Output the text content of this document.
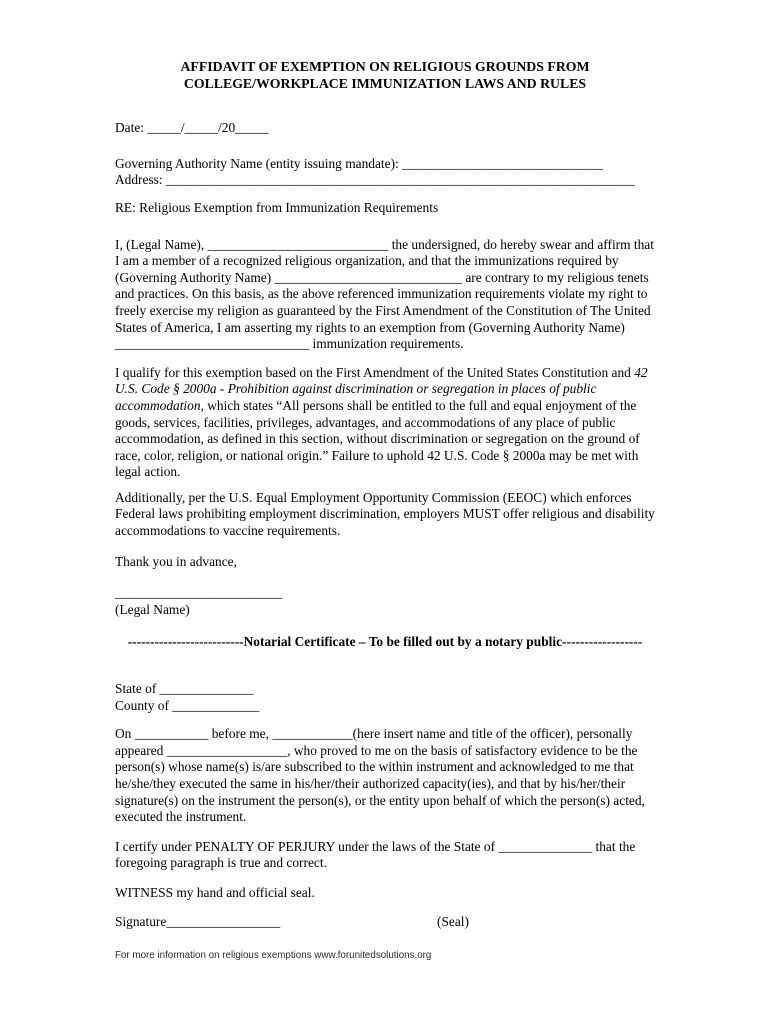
AFFIDAVIT OF EXEMPTION ON RELIGIOUS GROUNDS FROM
COLLEGE/WORKPLACE IMMUNIZATION LAWS AND RULES

Date: _____/_____/20_____

Governing Authority Name (entity issuing mandate): ______________________________

Address: ______________________________________________________________________

RE: Religious Exemption from Immunization Requirements

I, (Legal Name), ___________________________ the undersigned, do hereby swear and affirm that I am a member of a recognized religious organization, and that the immunizations required by (Governing Authority Name) ____________________________ are contrary to my religious tenets and practices. On this basis, as the above referenced immunization requirements violate my right to freely exercise my religion as guaranteed by the First Amendment of the Constitution of The United States of America, I am asserting my rights to an exemption from (Governing Authority Name) _____________________________ immunization requirements.

I qualify for this exemption based on the First Amendment of the United States Constitution and 42 U.S. Code § 2000a - Prohibition against discrimination or segregation in places of public accommodation, which states “All persons shall be entitled to the full and equal enjoyment of the goods, services, facilities, privileges, advantages, and accommodations of any place of public accommodation, as defined in this section, without discrimination or segregation on the ground of race, color, religion, or national origin.” Failure to uphold 42 U.S. Code § 2000a may be met with legal action.

Additionally, per the U.S. Equal Employment Opportunity Commission (EEOC) which enforces Federal laws prohibiting employment discrimination, employers MUST offer religious and disability accommodations to vaccine requirements.

Thank you in advance,

_________________________

(Legal Name)

--------------------------Notarial Certificate – To be filled out by a notary public------------------

State of ______________

County of _____________

On ___________ before me, ____________(here insert name and title of the officer), personally appeared __________________, who proved to me on the basis of satisfactory evidence to be the person(s) whose name(s) is/are subscribed to the within instrument and acknowledged to me that he/she/they executed the same in his/her/their authorized capacity(ies), and that by his/her/their signature(s) on the instrument the person(s), or the entity upon behalf of which the person(s) acted, executed the instrument.

I certify under PENALTY OF PERJURY under the laws of the State of ______________ that the foregoing paragraph is true and correct.

WITNESS my hand and official seal.

Signature_________________	(Seal)

For more information on religious exemptions www.forunitedsolutions.org
